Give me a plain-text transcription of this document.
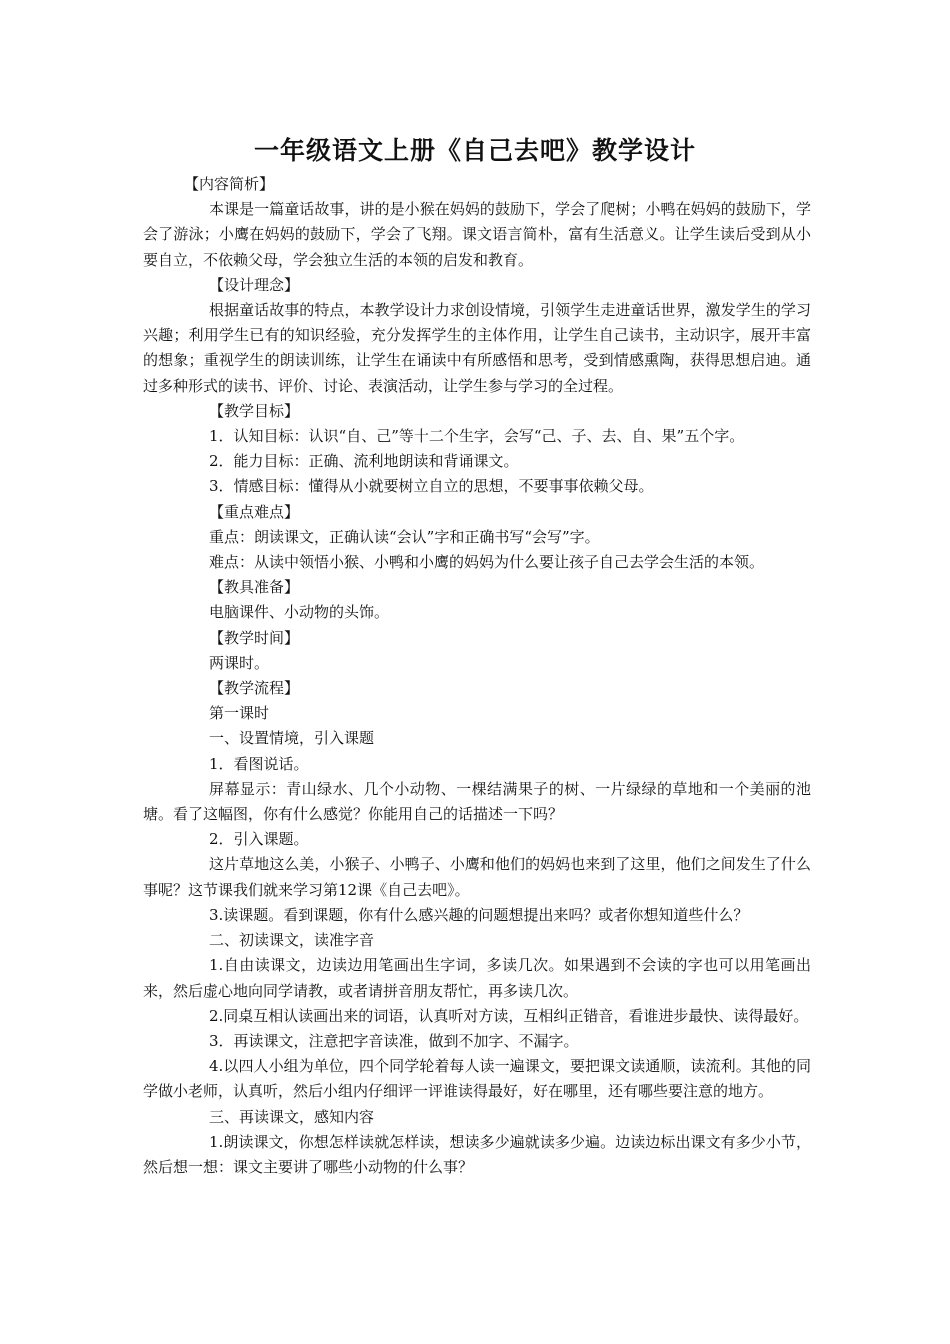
一年级语文上册《自己去吧》教学设计

【内容简析】

本课是一篇童话故事，讲的是小猴在妈妈的鼓励下，学会了爬树；小鸭在妈妈的鼓励下，学会了游泳；小鹰在妈妈的鼓励下，学会了飞翔。课文语言简朴，富有生活意义。让学生读后受到从小要自立，不依赖父母，学会独立生活的本领的启发和教育。

【设计理念】

根据童话故事的特点，本教学设计力求创设情境，引领学生走进童话世界，激发学生的学习兴趣；利用学生已有的知识经验，充分发挥学生的主体作用，让学生自己读书，主动识字，展开丰富的想象；重视学生的朗读训练，让学生在诵读中有所感悟和思考，受到情感熏陶，获得思想启迪。通过多种形式的读书、评价、讨论、表演活动，让学生参与学习的全过程。

【教学目标】

1．认知目标：认识“自、己”等十二个生字，会写“己、子、去、自、果”五个字。

2．能力目标：正确、流利地朗读和背诵课文。

3．情感目标：懂得从小就要树立自立的思想，不要事事依赖父母。

【重点难点】

重点：朗读课文，正确认读“会认”字和正确书写“会写”字。

难点：从读中领悟小猴、小鸭和小鹰的妈妈为什么要让孩子自己去学会生活的本领。

【教具准备】

电脑课件、小动物的头饰。

【教学时间】

两课时。

【教学流程】

第一课时

一、设置情境，引入课题

1．看图说话。

屏幕显示：青山绿水、几个小动物、一棵结满果子的树、一片绿绿的草地和一个美丽的池塘。看了这幅图，你有什么感觉？你能用自己的话描述一下吗？

2．引入课题。

这片草地这么美，小猴子、小鸭子、小鹰和他们的妈妈也来到了这里，他们之间发生了什么事呢？这节课我们就来学习第12课《自己去吧》。

3.读课题。看到课题，你有什么感兴趣的问题想提出来吗？或者你想知道些什么？

二、初读课文，读准字音

1.自由读课文，边读边用笔画出生字词，多读几次。如果遇到不会读的字也可以用笔画出来，然后虚心地向同学请教，或者请拼音朋友帮忙，再多读几次。

2.同桌互相认读画出来的词语，认真听对方读，互相纠正错音，看谁进步最快、读得最好。

3．再读课文，注意把字音读准，做到不加字、不漏字。

4.以四人小组为单位，四个同学轮着每人读一遍课文，要把课文读通顺，读流利。其他的同学做小老师，认真听，然后小组内仔细评一评谁读得最好，好在哪里，还有哪些要注意的地方。

三、再读课文，感知内容

1.朗读课文，你想怎样读就怎样读，想读多少遍就读多少遍。边读边标出课文有多少小节，然后想一想：课文主要讲了哪些小动物的什么事？
